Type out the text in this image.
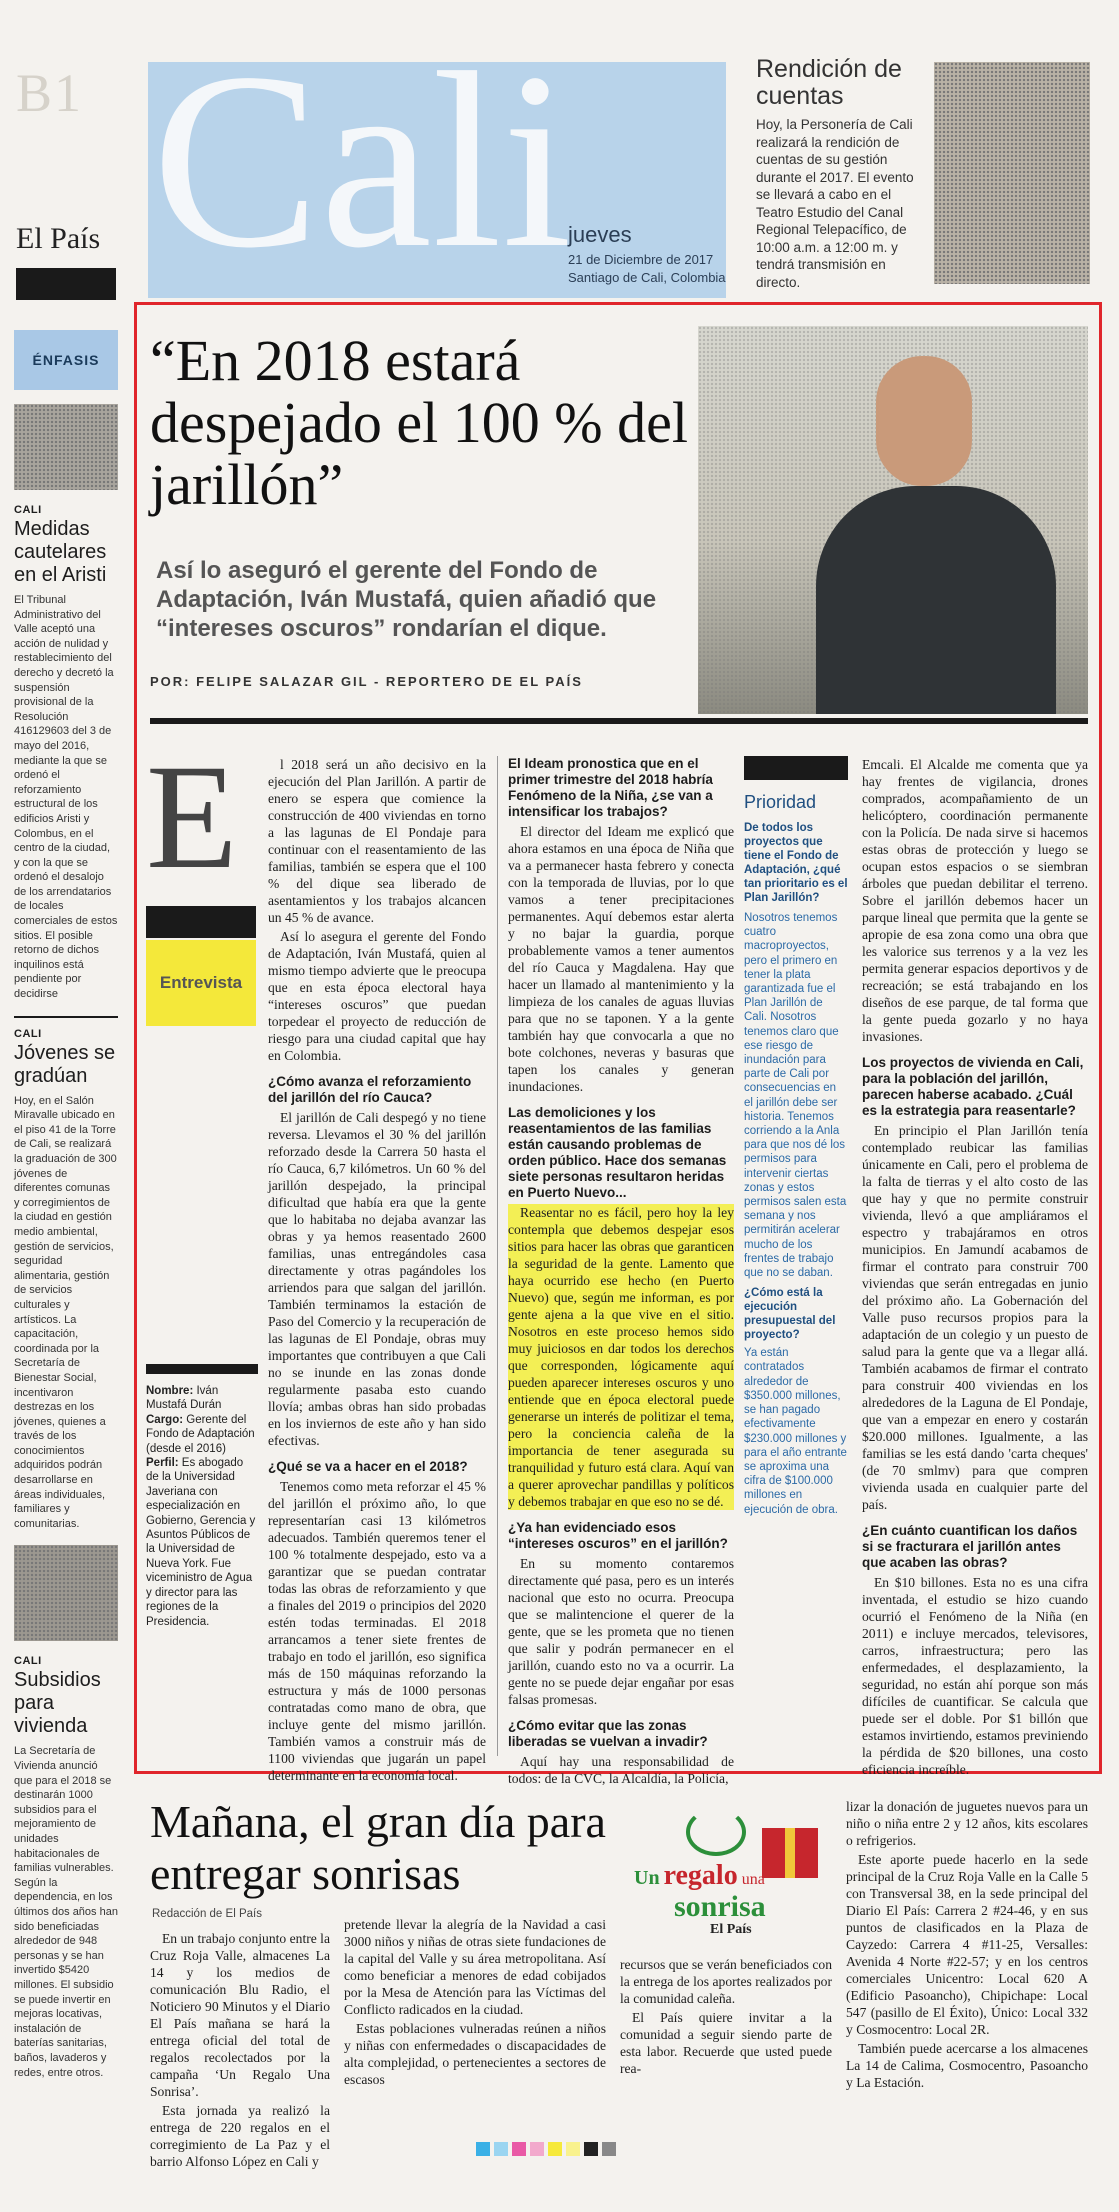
B1
El País Cali
jueves
21 de Diciembre de 2017
Santiago de Cali, Colombia
Rendición de cuentas
Hoy, la Personería de Cali realizará la rendición de cuentas de su gestión durante el 2017. El evento se llevará a cabo en el Teatro Estudio del Canal Regional Telepacífico, de 10:00 a.m. a 12:00 m. y tendrá transmisión en directo.
ÉNFASIS
CALI
Medidas cautelares en el Aristi
El Tribunal Administrativo del Valle aceptó una acción de nulidad y restablecimiento del derecho y decretó la suspensión provisional de la Resolución 416129603 del 3 de mayo del 2016, mediante la que se ordenó el reforzamiento estructural de los edificios Aristi y Colombus, en el centro de la ciudad, y con la que se ordenó el desalojo de los arrendatarios de locales comerciales de estos sitios. El posible retorno de dichos inquilinos está pendiente por decidirse
CALI
Jóvenes se gradúan
Hoy, en el Salón Miravalle ubicado en el piso 41 de la Torre de Cali, se realizará la graduación de 300 jóvenes de diferentes comunas y corregimientos de la ciudad en gestión medio ambiental, gestión de servicios, seguridad alimentaria, gestión de servicios culturales y artísticos. La capacitación, coordinada por la Secretaría de Bienestar Social, incentivaron destrezas en los jóvenes, quienes a través de los conocimientos adquiridos podrán desarrollarse en áreas individuales, familiares y comunitarias.
CALI
Subsidios para vivienda
La Secretaría de Vivienda anunció que para el 2018 se destinarán 1000 subsidios para el mejoramiento de unidades habitacionales de familias vulnerables. Según la dependencia, en los últimos dos años han sido beneficiadas alrededor de 948 personas y se han invertido $5420 millones. El subsidio se puede invertir en mejoras locativas, instalación de baterías sanitarias, baños, lavaderos y redes, entre otros.
“En 2018 estará despejado el 100 % del jarillón”
Así lo aseguró el gerente del Fondo de Adaptación, Iván Mustafá, quien añadió que “intereses oscuros” rondarían el dique.
POR: FELIPE SALAZAR GIL - REPORTERO DE EL PAÍS
E
Entrevista
Nombre: Iván Mustafá Durán
Cargo: Gerente del Fondo de Adaptación (desde el 2016)
Perfil: Es abogado de la Universidad Javeriana con especialización en Gobierno, Gerencia y Asuntos Públicos de la Universidad de Nueva York. Fue viceministro de Agua y director para las regiones de la Presidencia.

l 2018 será un año decisivo en la ejecución del Plan Jarillón. A partir de enero se espera que comience la construcción de 400 viviendas en torno a las lagunas de El Pondaje para continuar con el reasentamiento de las familias, también se espera que el 100 % del dique sea liberado de asentamientos y los trabajos alcancen un 45 % de avance.

Así lo asegura el gerente del Fondo de Adaptación, Iván Mustafá, quien al mismo tiempo advierte que le preocupa que en esta época electoral haya “intereses oscuros” que puedan torpedear el proyecto de reducción de riesgo para una ciudad capital que hay en Colombia.

¿Cómo avanza el reforzamiento del jarillón del río Cauca?

El jarillón de Cali despegó y no tiene reversa. Llevamos el 30 % del jarillón reforzado desde la Carrera 50 hasta el río Cauca, 6,7 kilómetros. Un 60 % del jarillón despejado, la principal dificultad que había era que la gente que lo habitaba no dejaba avanzar las obras y ya hemos reasentado 2600 familias, unas entregándoles casa directamente y otras pagándoles los arriendos para que salgan del jarillón. También terminamos la estación de Paso del Comercio y la recuperación de las lagunas de El Pondaje, obras muy importantes que contribuyen a que Cali no se inunde en las zonas donde regularmente pasaba esto cuando llovía; ambas obras han sido probadas en los inviernos de este año y han sido efectivas.

¿Qué se va a hacer en el 2018?

Tenemos como meta reforzar el 45 % del jarillón el próximo año, lo que representarían casi 13 kilómetros adecuados. También queremos tener el 100 % totalmente despejado, esto va a garantizar que se puedan contratar todas las obras de reforzamiento y que a finales del 2019 o principios del 2020 estén todas terminadas. El 2018 arrancamos a tener siete frentes de trabajo en todo el jarillón, eso significa más de 150 máquinas reforzando la estructura y más de 1000 personas contratadas como mano de obra, que incluye gente del mismo jarillón. También vamos a construir más de 1100 viviendas que jugarán un papel determinante en la economía local.

El Ideam pronostica que en el primer trimestre del 2018 habría Fenómeno de la Niña, ¿se van a intensificar los trabajos?

El director del Ideam me explicó que ahora estamos en una época de Niña que va a permanecer hasta febrero y conecta con la temporada de lluvias, por lo que vamos a tener precipitaciones permanentes. Aquí debemos estar alerta y no bajar la guardia, porque probablemente vamos a tener aumentos del río Cauca y Magdalena. Hay que hacer un llamado al mantenimiento y la limpieza de los canales de aguas lluvias para que no se taponen. Y a la gente también hay que convocarla a que no bote colchones, neveras y basuras que tapen los canales y generan inundaciones.

Las demoliciones y los reasentamientos de las familias están causando problemas de orden público. Hace dos semanas siete personas resultaron heridas en Puerto Nuevo...

Reasentar no es fácil, pero hoy la ley contempla que debemos despejar esos sitios para hacer las obras que garanticen la seguridad de la gente. Lamento que haya ocurrido ese hecho (en Puerto Nuevo) que, según me informan, es por gente ajena a la que vive en el sitio. Nosotros en este proceso hemos sido muy juiciosos en dar todos los derechos que corresponden, lógicamente aquí pueden aparecer intereses oscuros y uno entiende que en época electoral puede generarse un interés de politizar el tema, pero la conciencia caleña de la importancia de tener asegurada su tranquilidad y futuro está clara. Aquí van a querer aprovechar pandillas y políticos y debemos trabajar en que eso no se dé.

¿Ya han evidenciado esos “intereses oscuros” en el jarillón?

En su momento contaremos directamente qué pasa, pero es un interés nacional que esto no ocurra. Preocupa que se malintencione el querer de la gente, que se les prometa que no tienen que salir y podrán permanecer en el jarillón, cuando esto no va a ocurrir. La gente no se puede dejar engañar por esas falsas promesas.

¿Cómo evitar que las zonas liberadas se vuelvan a invadir?

Aquí hay una responsabilidad de todos: de la CVC, la Alcaldía, la Policía,

Prioridad
De todos los proyectos que tiene el Fondo de Adaptación, ¿qué tan prioritario es el Plan Jarillón?
Nosotros tenemos cuatro macroproyectos, pero el primero en tener la plata garantizada fue el Plan Jarillón de Cali. Nosotros tenemos claro que ese riesgo de inundación para parte de Cali por consecuencias en el jarillón debe ser historia. Tenemos corriendo a la Anla para que nos dé los permisos para intervenir ciertas zonas y estos permisos salen esta semana y nos permitirán acelerar mucho de los frentes de trabajo que no se daban.
¿Cómo está la ejecución presupuestal del proyecto?
Ya están contratados alrededor de $350.000 millones, se han pagado efectivamente $230.000 millones y para el año entrante se aproxima una cifra de $100.000 millones en ejecución de obra.

Emcali. El Alcalde me comenta que ya hay frentes de vigilancia, drones comprados, acompañamiento de un helicóptero, coordinación permanente con la Policía. De nada sirve si hacemos estas obras de protección y luego se ocupan estos espacios o se siembran árboles que puedan debilitar el terreno. Sobre el jarillón debemos hacer un parque lineal que permita que la gente se apropie de esa zona como una obra que les valorice sus terrenos y a la vez les permita generar espacios deportivos y de recreación; se está trabajando en los diseños de ese parque, de tal forma que la gente pueda gozarlo y no haya invasiones.

Los proyectos de vivienda en Cali, para la población del jarillón, parecen haberse acabado. ¿Cuál es la estrategia para reasentarle?

En principio el Plan Jarillón tenía contemplado reubicar las familias únicamente en Cali, pero el problema de la falta de tierras y el alto costo de las que hay y que no permite construir vivienda, llevó a que ampliáramos el espectro y trabajáramos en otros municipios. En Jamundí acabamos de firmar el contrato para construir 700 viviendas que serán entregadas en junio del próximo año. La Gobernación del Valle puso recursos propios para la adaptación de un colegio y un puesto de salud para la gente que va a llegar allá. También acabamos de firmar el contrato para construir 400 viviendas en los alrededores de la Laguna de El Pondaje, que van a empezar en enero y costarán $20.000 millones. Igualmente, a las familias se les está dando 'carta cheques' (de 70 smlmv) para que compren vivienda usada en cualquier parte del país.

¿En cuánto cuantifican los daños si se fracturara el jarillón antes que acaben las obras?

En $10 billones. Esta no es una cifra inventada, el estudio se hizo cuando ocurrió el Fenómeno de la Niña (en 2011) e incluye mercados, televisores, carros, infraestructura; pero las enfermedades, el desplazamiento, la seguridad, no están ahí porque son más difíciles de cuantificar. Se calcula que puede ser el doble. Por $1 billón que estamos invirtiendo, estamos previniendo la pérdida de $20 billones, una costo eficiencia increíble.

Mañana, el gran día para entregar sonrisas
Redacción de El País

En un trabajo conjunto entre la Cruz Roja Valle, almacenes La 14 y los medios de comunicación Blu Radio, el Noticiero 90 Minutos y el Diario El País mañana se hará la entrega oficial del total de regalos recolectados por la campaña ‘Un Regalo Una Sonrisa’.

Esta jornada ya realizó la entrega de 220 regalos en el corregimiento de La Paz y el barrio Alfonso López en Cali y

pretende llevar la alegría de la Navidad a casi 3000 niños y niñas de otras siete fundaciones de la capital del Valle y su área metropolitana. Así como beneficiar a menores de edad cobijados por la Mesa de Atención para las Víctimas del Conflicto radicados en la ciudad.

Estas poblaciones vulneradas reúnen a niños y niñas con enfermedades o discapacidades de alta complejidad, o pertenecientes a sectores de escasos

Un regalo una
sonrisa
El País

recursos que se verán beneficiados con la entrega de los aportes realizados por la comunidad caleña.

El País quiere invitar a la comunidad a seguir siendo parte de esta labor. Recuerde que usted puede rea-

lizar la donación de juguetes nuevos para un niño o niña entre 2 y 12 años, kits escolares o refrigerios.

Este aporte puede hacerlo en la sede principal de la Cruz Roja Valle en la Calle 5 con Transversal 38, en la sede principal del Diario El País: Carrera 2 #24-46, y en sus puntos de clasificados en la Plaza de Cayzedo: Carrera 4 #11-25, Versalles: Avenida 4 Norte #22-57; y en los centros comerciales Unicentro: Local 620 A (Edificio Pasoancho), Chipichape: Local 547 (pasillo de El Éxito), Único: Local 332 y Cosmocentro: Local 2R.

También puede acercarse a los almacenes La 14 de Calima, Cosmocentro, Pasoancho y La Estación.
